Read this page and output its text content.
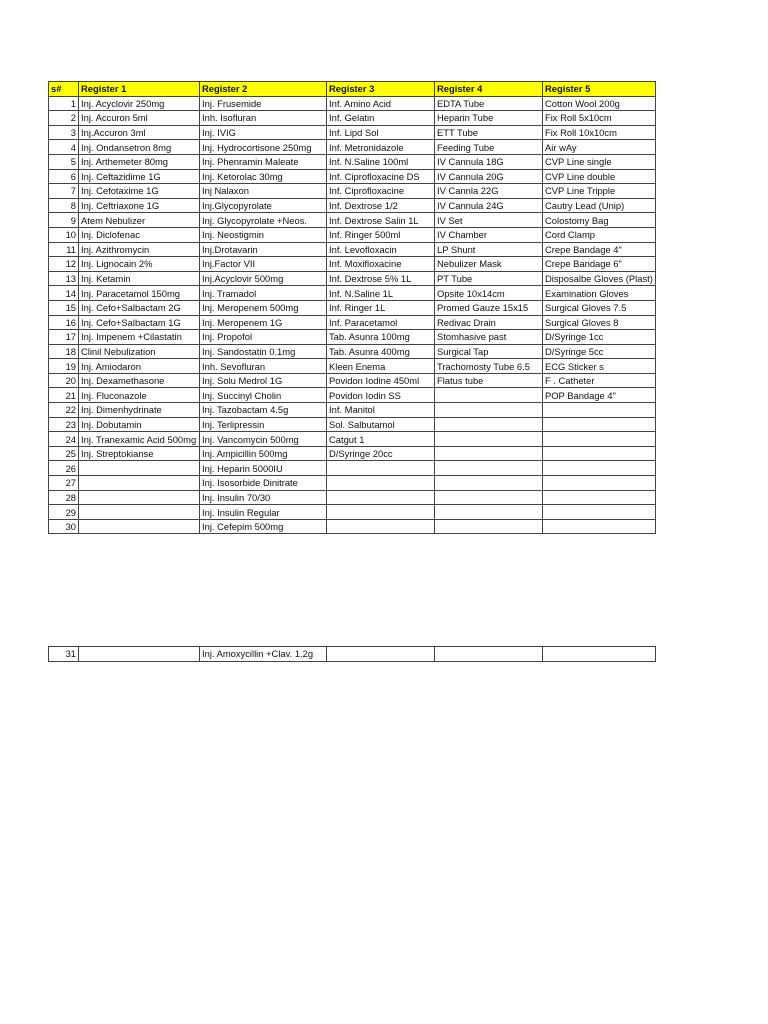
s#	Register 1	Register 2	Register 3	Register 4	Register 5
1	Inj. Acyclovir 250mg	Inj. Frusemide	Inf. Amino Acid	EDTA Tube	Cotton Wool 200g
2	Inj. Accuron 5ml	Inh. Isofluran	Inf. Gelatin	Heparin Tube	Fix Roll 5x10cm
3	Inj.Accuron 3ml	Inj. IVIG	Inf. Lipd Sol	ETT Tube	Fix Roll 10x10cm
4	Inj. Ondansetron 8mg	Inj. Hydrocortisone 250mg	Inf. Metronidazole	Feeding Tube	Air wAy
5	Inj. Arthemeter 80mg	Inj. Phenramin Maleate	Inf. N.Saline 100ml	IV Cannula 18G	CVP Line single
6	Inj. Ceftazidime 1G	Inj. Ketorolac 30mg	Inf. Ciprofloxacine DS	IV Cannula 20G	CVP Line double
7	Inj. Cefotaxime 1G	Inj Nalaxon	Inf. Ciprofloxacine	IV Cannla 22G	CVP Line Tripple
8	Inj. Ceftriaxone 1G	Inj.Glycopyrolate	Inf. Dextrose 1/2	IV Cannula 24G	Cautry Lead (Unip)
9	Atem Nebulizer	Inj. Glycopyrolate +Neos.	Inf. Dextrose Salin 1L	IV Set	Colostomy Bag
10	Inj. Diclofenac	Inj. Neostigmin	Inf. Ringer 500ml	IV Chamber	Cord Clamp
11	Inj. Azithromycin	Inj.Drotavarin	Inf. Levofloxacin	LP Shunt	Crepe Bandage 4"
12	Inj. Lignocain 2%	Inj.Factor VII	Inf. Moxifloxacine	Nebulizer Mask	Crepe Bandage 6"
13	Inj. Ketamin	Inj.Acyclovir 500mg	Inf. Dextrose 5% 1L	PT Tube	Disposalbe Gloves (Plast)
14	Inj. Paracetamol 150mg	Inj. Tramadol	Inf. N.Saline 1L	Opsite 10x14cm	Examination Gloves
15	Inj. Cefo+Salbactam 2G	Inj. Meropenem 500mg	Inf. Ringer 1L	Promed Gauze 15x15	Surgical Gloves 7.5
16	Inj. Cefo+Salbactam 1G	Inj. Meropenem 1G	Inf. Paracetamol	Redivac Drain	Surgical Gloves 8
17	Inj. Impenem +Cilastatin	Inj. Propofol	Tab. Asunra 100mg	Stomhasive past	D/Syringe 1cc
18	Clinil Nebulization	Inj. Sandostatin 0.1mg	Tab. Asunra 400mg	Surgical Tap	D/Syringe 5cc
19	Inj. Amiodaron	Inh. Sevofluran	Kleen Enema	Trachomosty Tube 6.5	ECG Sticker s
20	Inj. Dexamethasone	Inj. Solu Medrol 1G	Povidon Iodine 450ml	Flatus tube	F . Catheter
21	Inj. Fluconazole	Inj. Succinyl Cholin	Povidon Iodin SS		POP Bandage 4"
22	Inj. Dimenhydrinate	Inj. Tazobactam 4.5g	Inf. Manitol		
23	Inj. Dobutamin	Inj. Terlipressin	Sol. Salbutamol		
24	Inj. Tranexamic Acid 500mg	Inj. Vancomycin 500mg	Catgut 1		
25	Inj. Streptokianse	Inj. Ampicillin 500mg	D/Syringe 20cc		
26		Inj. Heparin 5000IU			
27		Inj. Isosorbide Dinitrate			
28		Inj. Insulin 70/30			
29		Inj. Insulin Regular			
30		Inj. Cefepim 500mg			
31		Inj. Amoxycillin +Clav. 1.2g			
